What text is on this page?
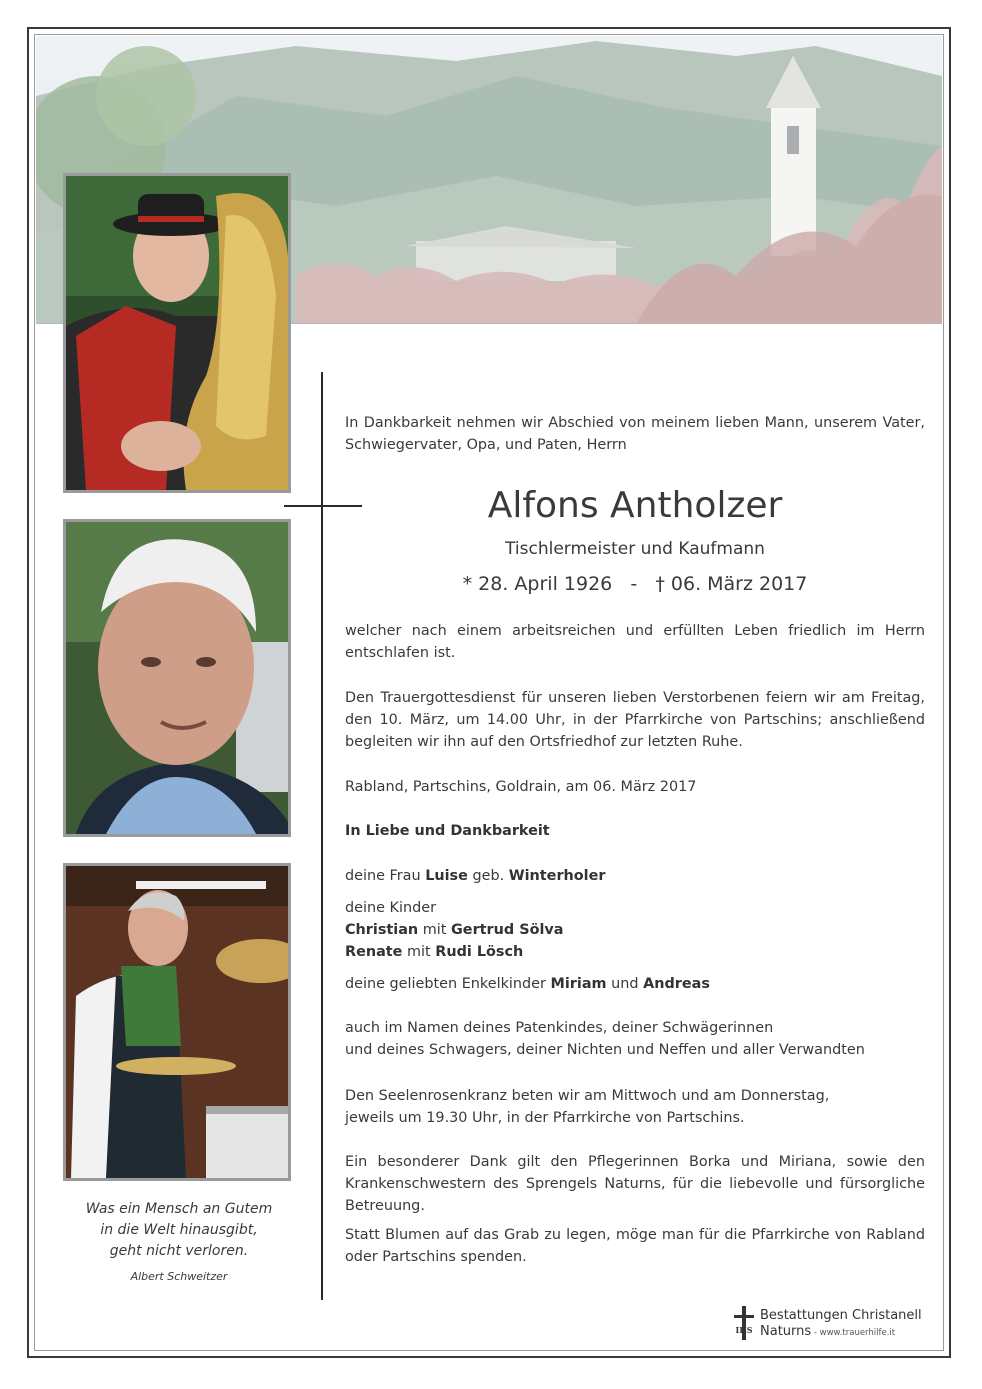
Was ein Mensch an Gutem
in die Welt hinausgibt,
geht nicht verloren.
Albert Schweitzer
In Dankbarkeit nehmen wir Abschied von meinem lieben Mann, unserem Vater, Schwiegervater, Opa, und Paten, Herrn
Alfons Antholzer
Tischlermeister und Kaufmann
* 28. April 1926   -   † 06. März 2017
welcher nach einem arbeitsreichen und erfüllten Leben friedlich im Herrn entschlafen ist.
Den Trauergottesdienst für unseren lieben Verstorbenen feiern wir am Freitag, den 10. März, um 14.00 Uhr, in der Pfarrkirche von Partschins; anschließend begleiten wir ihn auf den Ortsfriedhof zur letzten Ruhe.
Rabland, Partschins, Goldrain, am 06. März 2017
In Liebe und Dankbarkeit
deine Frau Luise geb. Winterholer
deine Kinder
Christian mit Gertrud Sölva
Renate mit Rudi Lösch
deine geliebten Enkelkinder Miriam und Andreas
auch im Namen deines Patenkindes, deiner Schwägerinnen
und deines Schwagers, deiner Nichten und Neffen und aller Verwandten
Den Seelenrosenkranz beten wir am Mittwoch und am Donnerstag,
jeweils um 19.30 Uhr, in der Pfarrkirche von Partschins.
Ein besonderer Dank gilt den Pflegerinnen Borka und Miriana, sowie den Krankenschwestern des Sprengels Naturns, für die liebevolle und fürsorgliche Betreuung.
Statt Blumen auf das Grab zu legen, möge man für die Pfarrkirche von Rabland oder Partschins spenden.
IHS
Bestattungen Christanell
Naturns - www.trauerhilfe.it
